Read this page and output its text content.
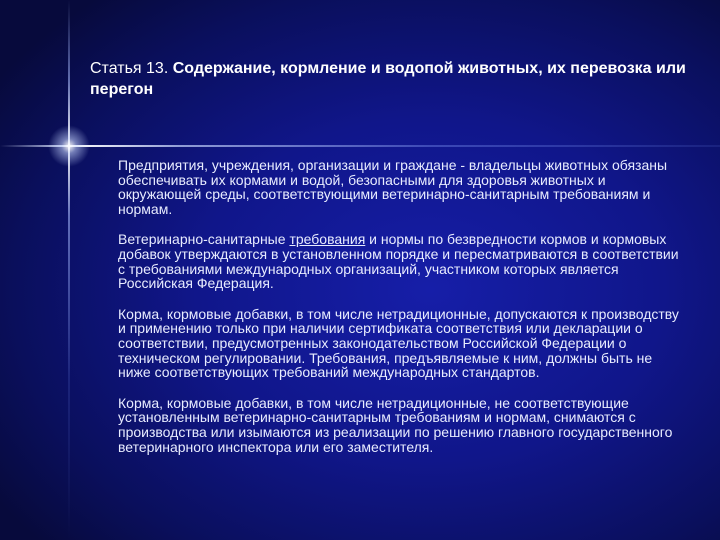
Статья 13. Содержание, кормление и водопой животных, их перевозка или перегон

Предприятия, учреждения, организации и граждане - владельцы животных обязаны обеспечивать их кормами и водой, безопасными для здоровья животных и окружающей среды, соответствующими ветеринарно-санитарным требованиям и нормам.

Ветеринарно-санитарные требования и нормы по безвредности кормов и кормовых добавок утверждаются в установленном порядке и пересматриваются в соответствии с требованиями международных организаций, участником которых является Российская Федерация.

Корма, кормовые добавки, в том числе нетрадиционные, допускаются к производству и применению только при наличии сертификата соответствия или декларации о соответствии, предусмотренных законодательством Российской Федерации о техническом регулировании. Требования, предъявляемые к ним, должны быть не ниже соответствующих требований международных стандартов.

Корма, кормовые добавки, в том числе нетрадиционные, не соответствующие установленным ветеринарно-санитарным требованиям и нормам, снимаются с производства или изымаются из реализации по решению главного государственного ветеринарного инспектора или его заместителя.
